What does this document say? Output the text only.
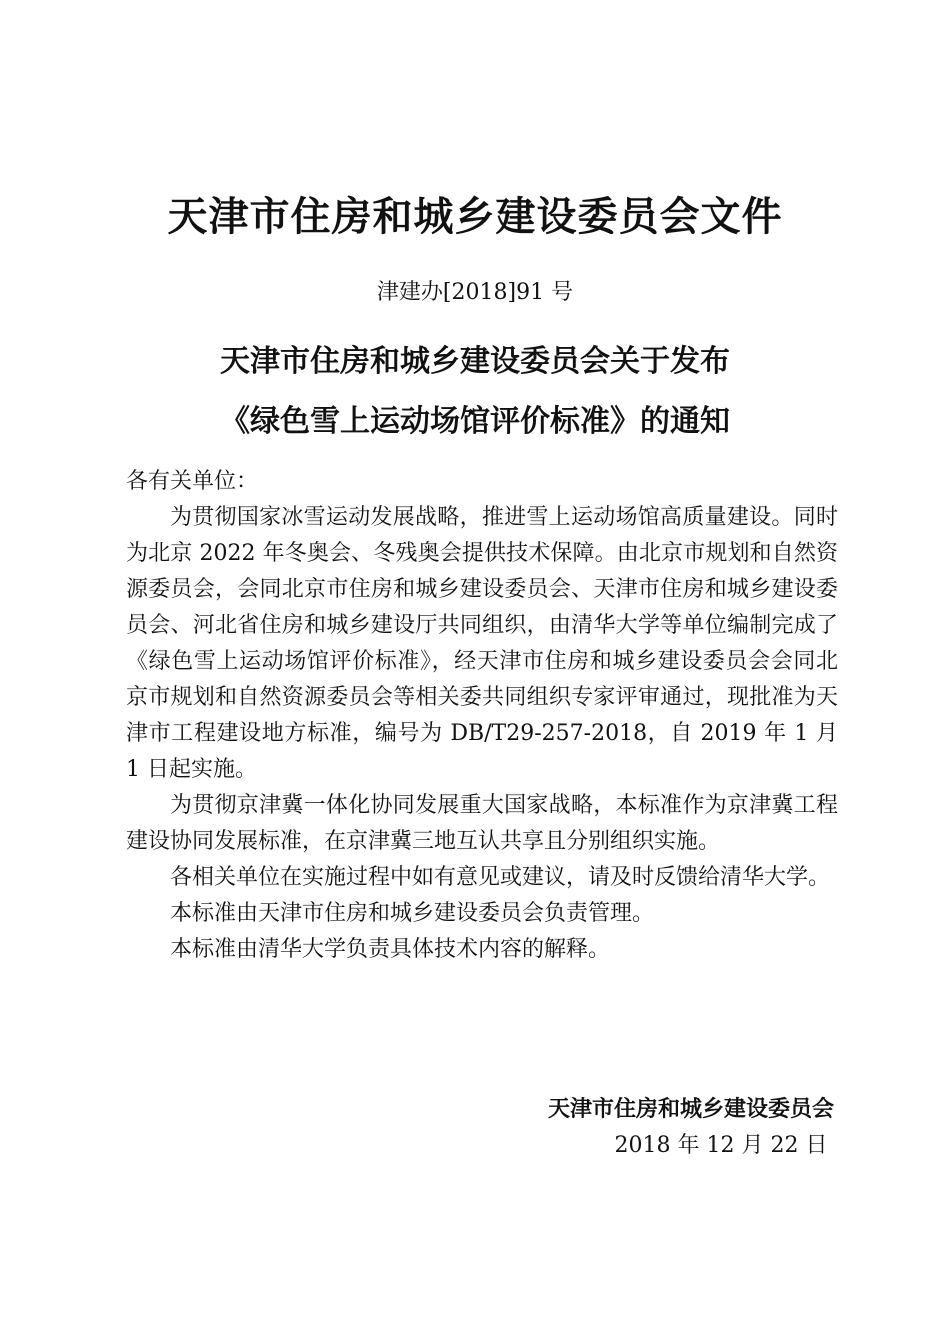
天津市住房和城乡建设委员会文件
津建办[2018]91 号
天津市住房和城乡建设委员会关于发布
《绿色雪上运动场馆评价标准》的通知

各有关单位：

为贯彻国家冰雪运动发展战略，推进雪上运动场馆高质量建设。同时为北京 2022 年冬奥会、冬残奥会提供技术保障。由北京市规划和自然资源委员会，会同北京市住房和城乡建设委员会、天津市住房和城乡建设委员会、河北省住房和城乡建设厅共同组织，由清华大学等单位编制完成了《绿色雪上运动场馆评价标准》，经天津市住房和城乡建设委员会会同北京市规划和自然资源委员会等相关委共同组织专家评审通过，现批准为天津市工程建设地方标准，编号为 DB/T29-257-2018，自 2019 年 1 月 1 日起实施。

为贯彻京津冀一体化协同发展重大国家战略，本标准作为京津冀工程建设协同发展标准，在京津冀三地互认共享且分别组织实施。

各相关单位在实施过程中如有意见或建议，请及时反馈给清华大学。

本标准由天津市住房和城乡建设委员会负责管理。

本标准由清华大学负责具体技术内容的解释。

天津市住房和城乡建设委员会
2018 年 12 月 22 日
